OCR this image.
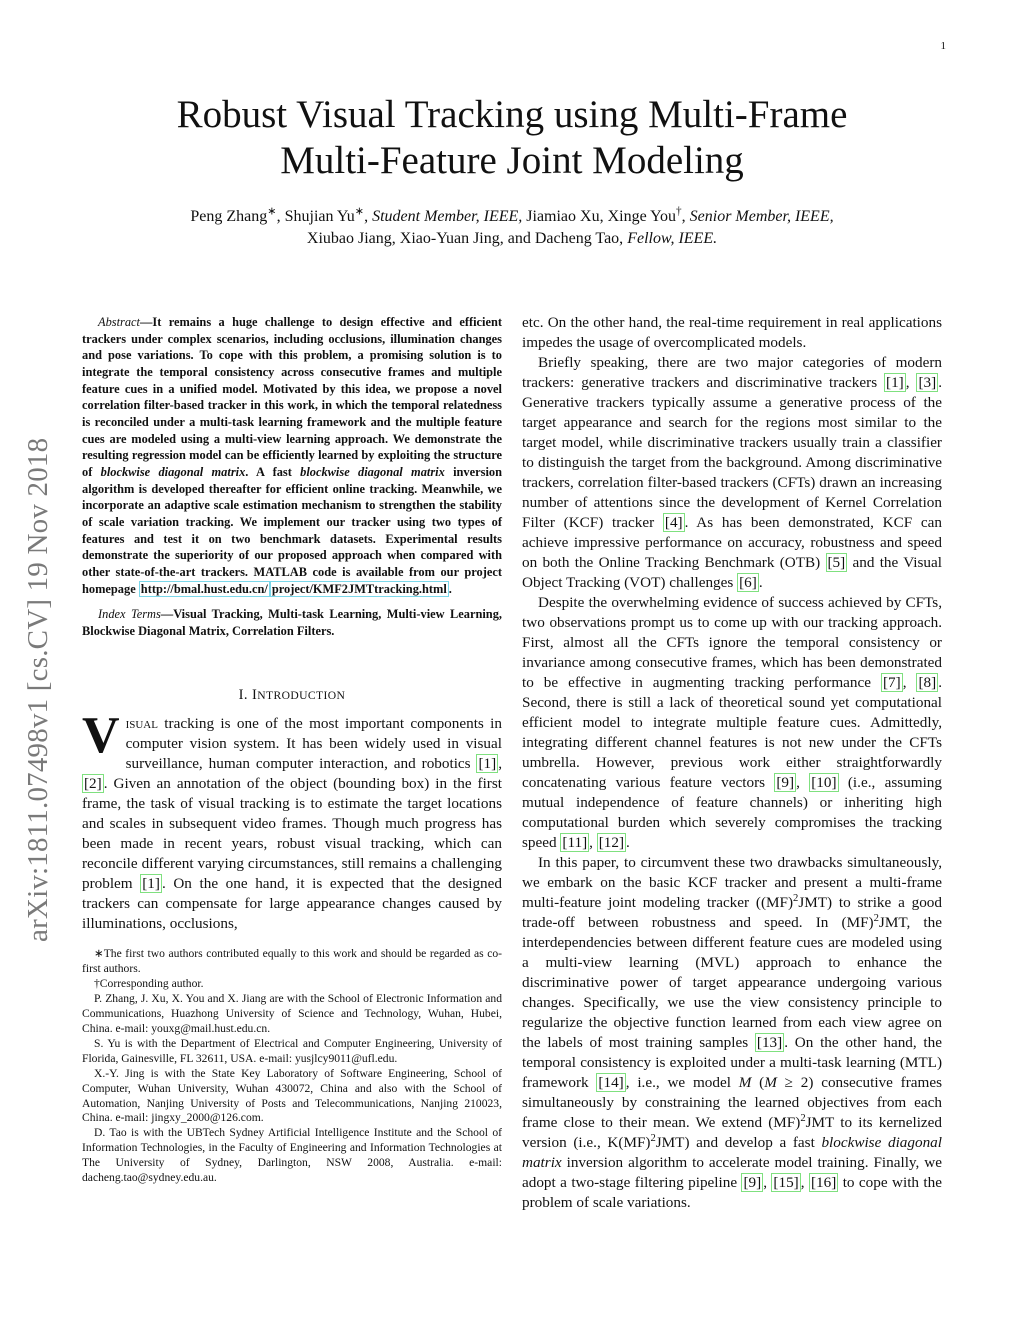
1
arXiv:1811.07498v1 [cs.CV] 19 Nov 2018
Robust Visual Tracking using Multi-Frame
Multi-Feature Joint Modeling
Peng Zhang∗, Shujian Yu∗, Student Member, IEEE, Jiamiao Xu, Xinge You†, Senior Member, IEEE,
Xiubao Jiang, Xiao-Yuan Jing, and Dacheng Tao, Fellow, IEEE.
Abstract—It remains a huge challenge to design effective and efficient trackers under complex scenarios, including occlusions, illumination changes and pose variations. To cope with this problem, a promising solution is to integrate the temporal consistency across consecutive frames and multiple feature cues in a unified model. Motivated by this idea, we propose a novel correlation filter-based tracker in this work, in which the temporal relatedness is reconciled under a multi-task learning framework and the multiple feature cues are modeled using a multi-view learning approach. We demonstrate the resulting regression model can be efficiently learned by exploiting the structure of blockwise diagonal matrix. A fast blockwise diagonal matrix inversion algorithm is developed thereafter for efficient online tracking. Meanwhile, we incorporate an adaptive scale estimation mechanism to strengthen the stability of scale variation tracking. We implement our tracker using two types of features and test it on two benchmark datasets. Experimental results demonstrate the superiority of our proposed approach when compared with other state-of-the-art trackers. MATLAB code is available from our project homepage http://bmal.hust.edu.cn/ project/KMF2JMTtracking.html .
Index Terms—Visual Tracking, Multi-task Learning, Multi-view Learning, Blockwise Diagonal Matrix, Correlation Filters.
I. INTRODUCTION
Visual tracking is one of the most important components in computer vision system. It has been widely used in visual surveillance, human computer interaction, and robotics [1] , [2] . Given an annotation of the object (bounding box) in the first frame, the task of visual tracking is to estimate the target locations and scales in subsequent video frames. Though much progress has been made in recent years, robust visual tracking, which can reconcile different varying circumstances, still remains a challenging problem [1] . On the one hand, it is expected that the designed trackers can compensate for large appearance changes caused by illuminations, occlusions,

∗The first two authors contributed equally to this work and should be regarded as co-first authors.

†Corresponding author.

P. Zhang, J. Xu, X. You and X. Jiang are with the School of Electronic Information and Communications, Huazhong University of Science and Technology, Wuhan, Hubei, China. e-mail: youxg@mail.hust.edu.cn.

S. Yu is with the Department of Electrical and Computer Engineering, University of Florida, Gainesville, FL 32611, USA. e-mail: yusjlcy9011@ufl.edu.

X.-Y. Jing is with the State Key Laboratory of Software Engineering, School of Computer, Wuhan University, Wuhan 430072, China and also with the School of Automation, Nanjing University of Posts and Telecommunications, Nanjing 210023, China. e-mail: jingxy_2000@126.com.

D. Tao is with the UBTech Sydney Artificial Intelligence Institute and the School of Information Technologies, in the Faculty of Engineering and Information Technologies at The University of Sydney, Darlington, NSW 2008, Australia. e-mail: dacheng.tao@sydney.edu.au.

etc. On the other hand, the real-time requirement in real applications impedes the usage of overcomplicated models.

Briefly speaking, there are two major categories of modern trackers: generative trackers and discriminative trackers [1] , [3] . Generative trackers typically assume a generative process of the target appearance and search for the regions most similar to the target model, while discriminative trackers usually train a classifier to distinguish the target from the background. Among discriminative trackers, correlation filter-based trackers (CFTs) drawn an increasing number of attentions since the development of Kernel Correlation Filter (KCF) tracker [4] . As has been demonstrated, KCF can achieve impressive performance on accuracy, robustness and speed on both the Online Tracking Benchmark (OTB) [5] and the Visual Object Tracking (VOT) challenges [6] .

Despite the overwhelming evidence of success achieved by CFTs, two observations prompt us to come up with our tracking approach. First, almost all the CFTs ignore the temporal consistency or invariance among consecutive frames, which has been demonstrated to be effective in augmenting tracking performance [7] , [8] . Second, there is still a lack of theoretical sound yet computational efficient model to integrate multiple feature cues. Admittedly, integrating different channel features is not new under the CFTs umbrella. However, previous work either straightforwardly concatenating various feature vectors [9] , [10] (i.e., assuming mutual independence of feature channels) or inheriting high computational burden which severely compromises the tracking speed [11] , [12] .

In this paper, to circumvent these two drawbacks simultaneously, we embark on the basic KCF tracker and present a multi-frame multi-feature joint modeling tracker ((MF)$^2$JMT) to strike a good trade-off between robustness and speed. In (MF)$^2$JMT, the interdependencies between different feature cues are modeled using a multi-view learning (MVL) approach to enhance the discriminative power of target appearance undergoing various changes. Specifically, we use the view consistency principle to regularize the objective function learned from each view agree on the labels of most training samples [13] . On the other hand, the temporal consistency is exploited under a multi-task learning (MTL) framework [14] , i.e., we model M (M ≥ 2) consecutive frames simultaneously by constraining the learned objectives from each frame close to their mean. We extend (MF)$^2$JMT to its kernelized version (i.e., K(MF)$^2$JMT) and develop a fast blockwise diagonal matrix inversion algorithm to accelerate model training. Finally, we adopt a two-stage filtering pipeline [9] , [15] , [16] to cope with the problem of scale variations.
